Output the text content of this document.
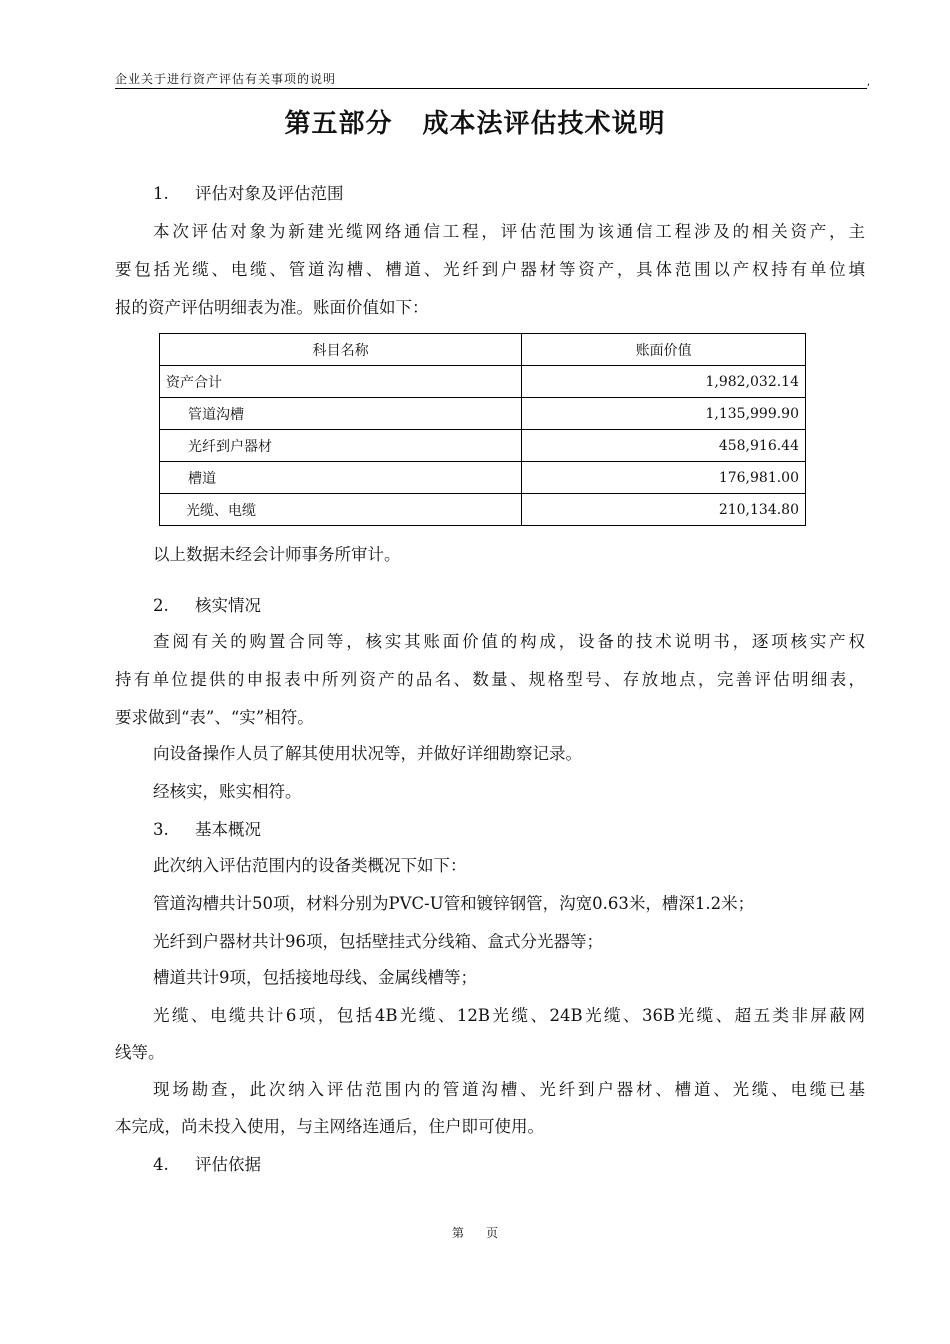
企业关于进行资产评估有关事项的说明	,
第五部分 成本法评估技术说明
1. 评估对象及评估范围
本次评估对象为新建光缆网络通信工程，评估范围为该通信工程涉及的相关资产，主
要包括光缆、电缆、管道沟槽、槽道、光纤到户器材等资产，具体范围以产权持有单位填
报的资产评估明细表为准。账面价值如下：
科目名称	账面价值
资产合计	1,982,032.14
管道沟槽	1,135,999.90
光纤到户器材	458,916.44
槽道	176,981.00
光缆、电缆	210,134.80
以上数据未经会计师事务所审计。
2. 核实情况
查阅有关的购置合同等，核实其账面价值的构成，设备的技术说明书，逐项核实产权
持有单位提供的申报表中所列资产的品名、数量、规格型号、存放地点，完善评估明细表，
要求做到“表”、“实”相符。
向设备操作人员了解其使用状况等，并做好详细勘察记录。
经核实，账实相符。
3. 基本概况
此次纳入评估范围内的设备类概况下如下：
管道沟槽共计50项，材料分别为PVC-U管和镀锌钢管，沟宽0.63米，槽深1.2米；
光纤到户器材共计96项，包括壁挂式分线箱、盒式分光器等；
槽道共计9项，包括接地母线、金属线槽等；
光缆、电缆共计6项，包括4B光缆、12B光缆、24B光缆、36B光缆、超五类非屏蔽网
线等。
现场勘查，此次纳入评估范围内的管道沟槽、光纤到户器材、槽道、光缆、电缆已基
本完成，尚未投入使用，与主网络连通后，住户即可使用。
4. 评估依据
第 页
